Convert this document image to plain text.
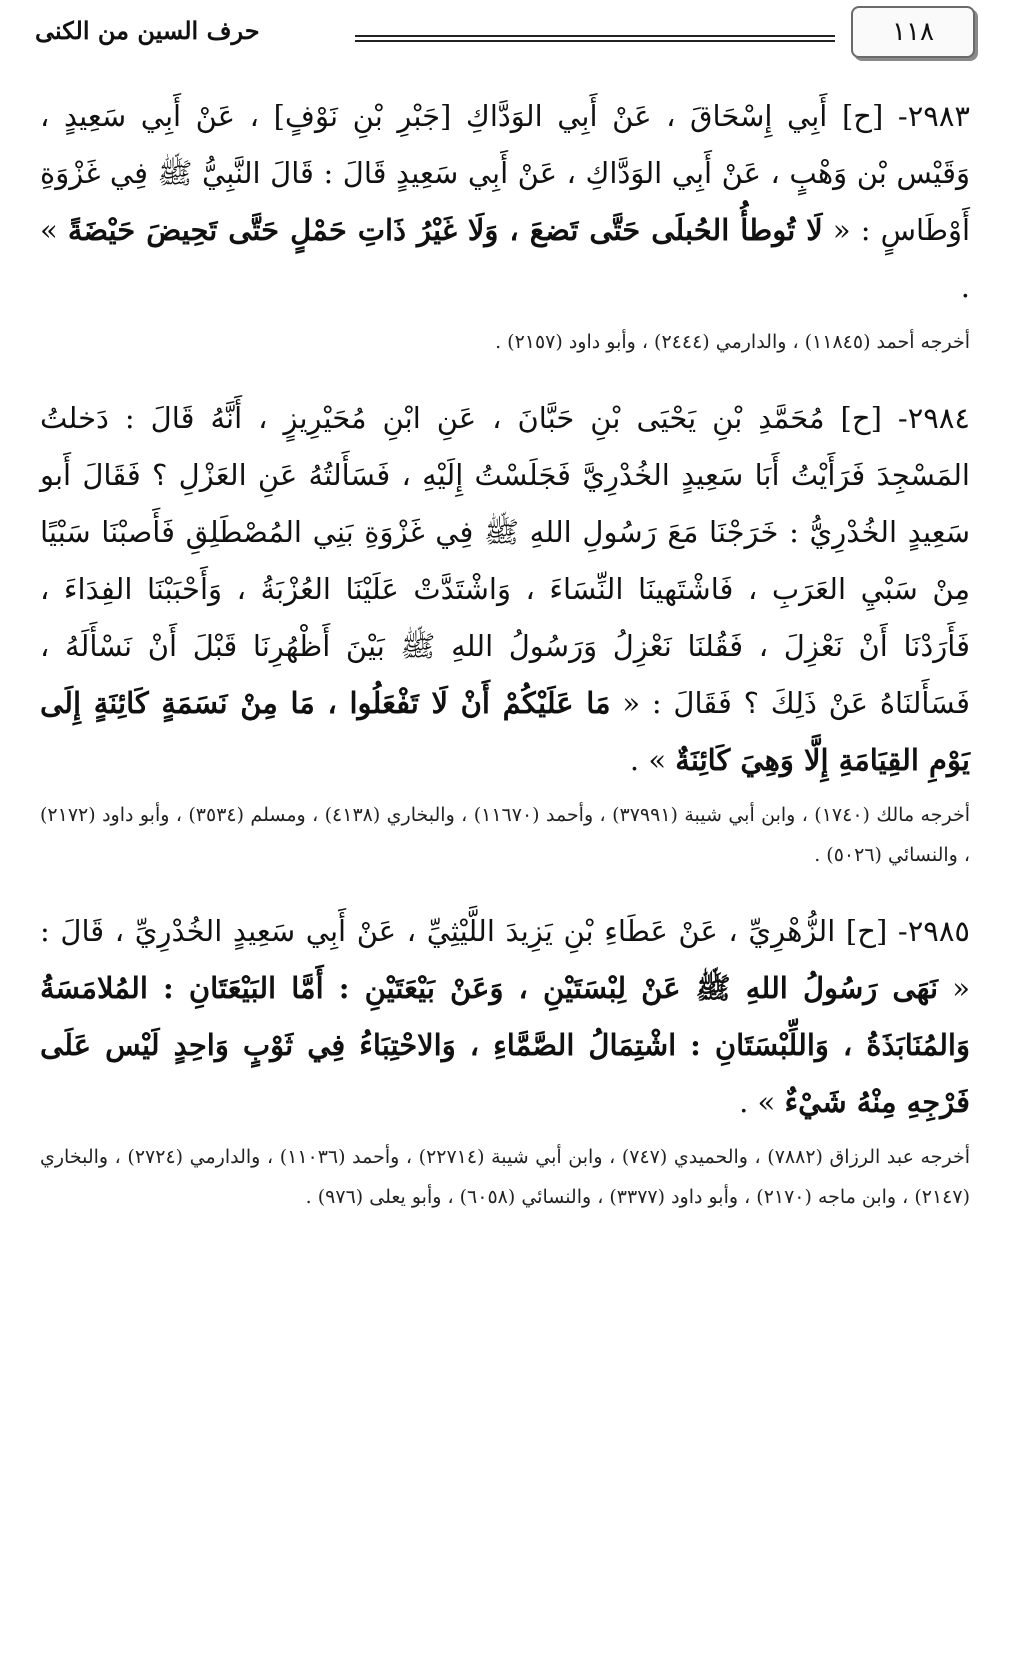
١١٨
حرف السين من الكنى
٢٩٨٣- [ح] أَبِي إِسْحَاقَ ، عَنْ أَبِي الوَدَّاكِ [جَبْرِ بْنِ نَوْفٍ] ، عَنْ أَبِي سَعِيدٍ ، وَقَيْس بْن وَهْبٍ ، عَنْ أَبِي الوَدَّاكِ ، عَنْ أَبِي سَعِيدٍ قَالَ : قَالَ النَّبِيُّ ﷺ فِي غَزْوَةِ أَوْطَاسٍ : « لَا تُوطأُ الحُبلَى حَتَّى تَضعَ ، وَلَا غَيْرُ ذَاتِ حَمْلٍ حَتَّى تَحِيضَ حَيْضَةً » .
أخرجه أحمد (١١٨٤٥) ، والدارمي (٢٤٤٤) ، وأبو داود (٢١٥٧) .
٢٩٨٤- [ح] مُحَمَّدِ بْنِ يَحْيَى بْنِ حَبَّانَ ، عَنِ ابْنِ مُحَيْرِيزٍ ، أَنَّهُ قَالَ : دَخلتُ المَسْجِدَ فَرَأَيْتُ أَبَا سَعِيدٍ الخُدْرِيَّ فَجَلَسْتُ إِلَيْهِ ، فَسَأَلتُهُ عَنِ العَزْلِ ؟ فَقَالَ أَبو سَعِيدٍ الخُدْرِيُّ : خَرَجْنَا مَعَ رَسُولِ اللهِ ﷺ فِي غَزْوَةِ بَنِي المُصْطَلِقِ فَأَصبْنَا سَبْيًا مِنْ سَبْيِ العَرَبِ ، فَاشْتَهينَا النِّسَاءَ ، وَاشْتَدَّتْ عَلَيْنَا العُزْبَةُ ، وَأَحْبَبْنَا الفِدَاءَ ، فَأَرَدْنَا أَنْ نَعْزِلَ ، فَقُلنَا نَعْزِلُ وَرَسُولُ اللهِ ﷺ بَيْنَ أَظْهُرِنَا قَبْلَ أَنْ نَسْأَلَهُ ، فَسَأَلنَاهُ عَنْ ذَلِكَ ؟ فَقَالَ : « مَا عَلَيْكُمْ أَنْ لَا تَفْعَلُوا ، مَا مِنْ نَسَمَةٍ كَائِنَةٍ إِلَى يَوْمِ القِيَامَةِ إِلَّا وَهِيَ كَائِنَةٌ » .
أخرجه مالك (١٧٤٠) ، وابن أبي شيبة (٣٧٩٩١) ، وأحمد (١١٦٧٠) ، والبخاري (٤١٣٨) ، ومسلم (٣٥٣٤) ، وأبو داود (٢١٧٢) ، والنسائي (٥٠٢٦) .
٢٩٨٥- [ح] الزُّهْرِيِّ ، عَنْ عَطَاءِ بْنِ يَزِيدَ اللَّيْثِيِّ ، عَنْ أَبِي سَعِيدٍ الخُدْرِيِّ ، قَالَ : « نَهَى رَسُولُ اللهِ ﷺ عَنْ لِبْسَتَيْنِ ، وَعَنْ بَيْعَتَيْنِ : أَمَّا البَيْعَتَانِ : المُلامَسَةُ وَالمُنَابَذَةُ ، وَاللِّبْسَتَانِ : اشْتِمَالُ الصَّمَّاءِ ، وَالاحْتِبَاءُ فِي ثَوْبٍ وَاحِدٍ لَيْس عَلَى فَرْجِهِ مِنْهُ شَيْءٌ » .
أخرجه عبد الرزاق (٧٨٨٢) ، والحميدي (٧٤٧) ، وابن أبي شيبة (٢٢٧١٤) ، وأحمد (١١٠٣٦) ، والدارمي (٢٧٢٤) ، والبخاري (٢١٤٧) ، وابن ماجه (٢١٧٠) ، وأبو داود (٣٣٧٧) ، والنسائي (٦٠٥٨) ، وأبو يعلى (٩٧٦) .
